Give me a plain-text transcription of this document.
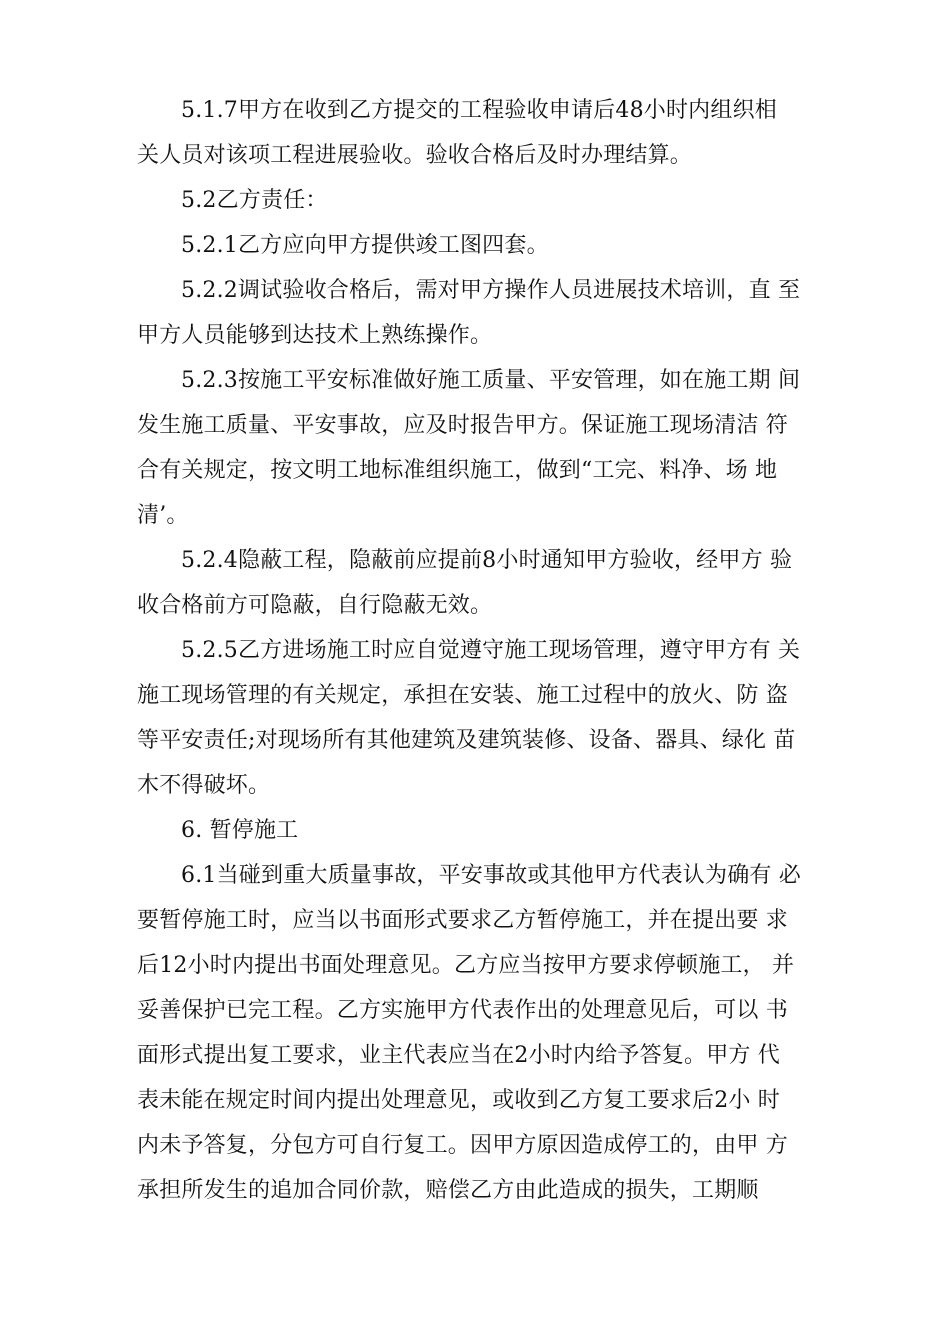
5.1.7甲方在收到乙方提交的工程验收申请后48小时内组织相
关人员对该项工程进展验收。验收合格后及时办理结算。
5.2乙方责任：
5.2.1乙方应向甲方提供竣工图四套。
5.2.2调试验收合格后，需对甲方操作人员进展技术培训，直 至
甲方人员能够到达技术上熟练操作。
5.2.3按施工平安标准做好施工质量、平安管理，如在施工期 间
发生施工质量、平安事故，应及时报告甲方。保证施工现场清洁 符
合有关规定，按文明工地标准组织施工，做到“工完、料净、场 地
清’。
5.2.4隐蔽工程，隐蔽前应提前8小时通知甲方验收，经甲方 验
收合格前方可隐蔽，自行隐蔽无效。
5.2.5乙方进场施工时应自觉遵守施工现场管理，遵守甲方有 关
施工现场管理的有关规定，承担在安装、施工过程中的放火、防 盗
等平安责任;对现场所有其他建筑及建筑装修、设备、器具、绿化 苗
木不得破坏。
6. 暂停施工
6.1当碰到重大质量事故，平安事故或其他甲方代表认为确有 必
要暂停施工时，应当以书面形式要求乙方暂停施工，并在提出要 求
后12小时内提出书面处理意见。乙方应当按甲方要求停顿施工， 并
妥善保护已完工程。乙方实施甲方代表作出的处理意见后，可以 书
面形式提出复工要求，业主代表应当在2小时内给予答复。甲方 代
表未能在规定时间内提出处理意见，或收到乙方复工要求后2小 时
内未予答复，分包方可自行复工。因甲方原因造成停工的，由甲 方
承担所发生的追加合同价款，赔偿乙方由此造成的损失，工期顺
